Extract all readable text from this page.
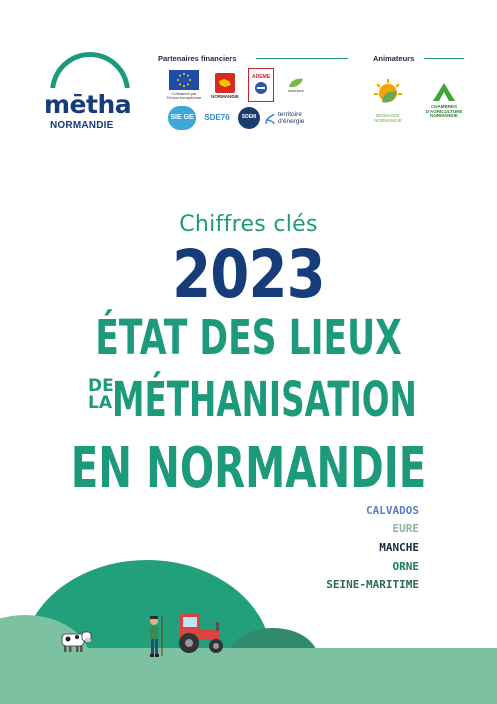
mētha
NORMANDIE
Partenaires financiers	Animateurs
Cofinancé par l'Union européenne NORMANDIE
ADEME
sciences
SIE GE SDE76 SDEM	territoire d'énergie
BIOMASSE NORMANDIE
CHAMBRES D'AGRICULTURE NORMANDIE
Chiffres clés
2023
ÉTAT DES LIEUX
DE
LA MÉTHANISATION
EN NORMANDIE
CALVADOS
EURE
MANCHE
ORNE
SEINE-MARITIME
